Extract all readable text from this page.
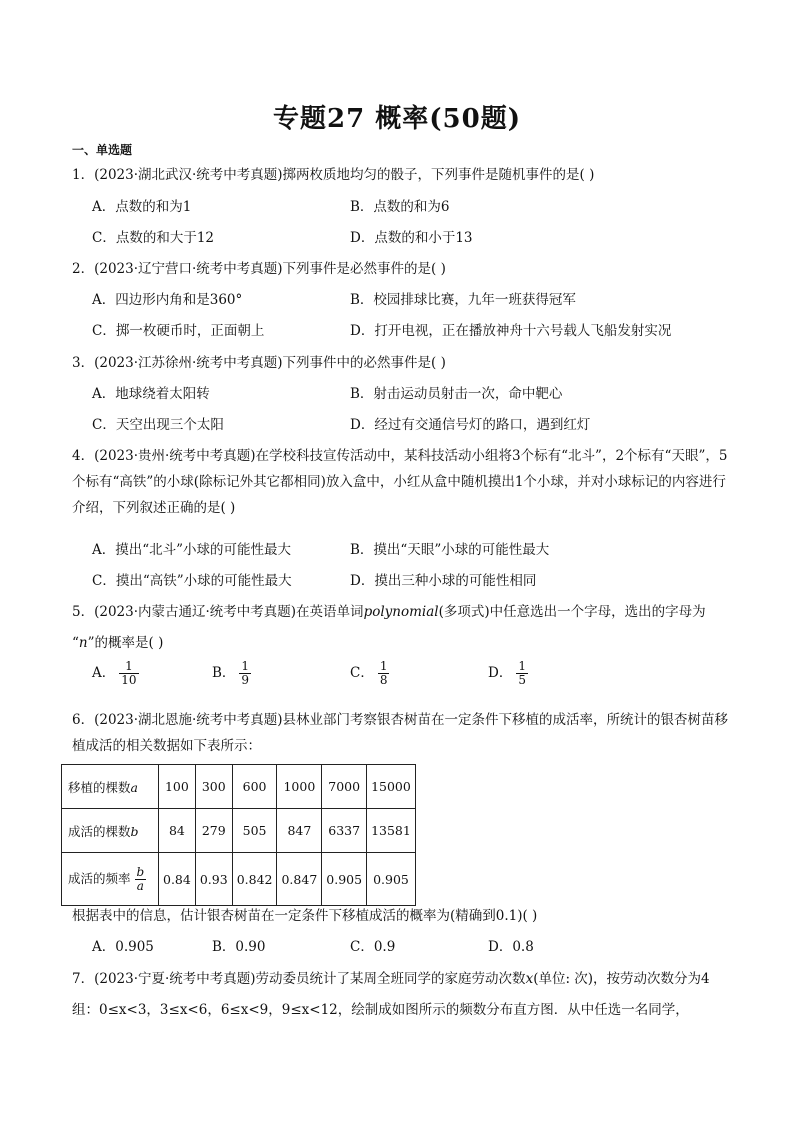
专题27 概率(50题)
一、单选题
1．(2023·湖北武汉·统考中考真题)掷两枚质地均匀的骰子，下列事件是随机事件的是( )
A．点数的和为1	B．点数的和为6
C．点数的和大于12	D．点数的和小于13
2．(2023·辽宁营口·统考中考真题)下列事件是必然事件的是( )
A．四边形内角和是360°	B．校园排球比赛，九年一班获得冠军
C．掷一枚硬币时，正面朝上	D．打开电视，正在播放神舟十六号载人飞船发射实况
3．(2023·江苏徐州·统考中考真题)下列事件中的必然事件是( )
A．地球绕着太阳转	B．射击运动员射击一次，命中靶心
C．天空出现三个太阳	D．经过有交通信号灯的路口，遇到红灯
4．(2023·贵州·统考中考真题)在学校科技宣传活动中，某科技活动小组将3个标有“北斗”，2个标有“天眼”，5个标有“高铁”的小球(除标记外其它都相同)放入盒中，小红从盒中随机摸出1个小球，并对小球标记的内容进行介绍，下列叙述正确的是( )
A．摸出“北斗”小球的可能性最大	B．摸出“天眼”小球的可能性最大
C．摸出“高铁”小球的可能性最大	D．摸出三种小球的可能性相同
5．(2023·内蒙古通辽·统考中考真题)在英语单词polynomial(多项式)中任意选出一个字母，选出的字母为
“n”的概率是( )
A． $\frac{1}{10}$	B． $\frac{1}{9}$	C． $\frac{1}{8}$	D． $\frac{1}{5}$
6．(2023·湖北恩施·统考中考真题)县林业部门考察银杏树苗在一定条件下移植的成活率，所统计的银杏树苗移植成活的相关数据如下表所示：
移植的棵数a	100	300	600	1000	7000	15000
成活的棵数b	84	279	505	847	6337	13581
成活的频率 $\frac{b}{a}$	0.84	0.93	0.842	0.847	0.905	0.905
根据表中的信息，估计银杏树苗在一定条件下移植成活的概率为(精确到0.1)( )
A．0.905	B．0.90	C．0.9	D．0.8
7．(2023·宁夏·统考中考真题)劳动委员统计了某周全班同学的家庭劳动次数x(单位: 次)，按劳动次数分为4
组：0≤x<3，3≤x<6，6≤x<9，9≤x<12，绘制成如图所示的频数分布直方图．从中任选一名同学，
